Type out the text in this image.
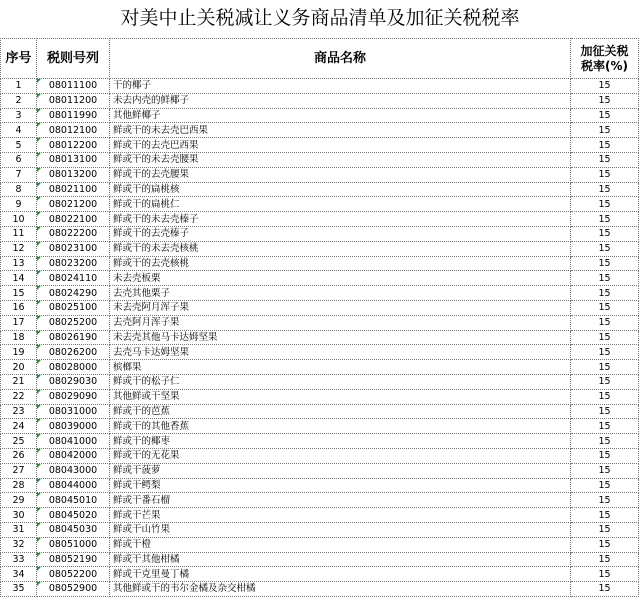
对美中止关税减让义务商品清单及加征关税税率
序号	税则号列	商品名称	加征关税
税率(%)
1	08011100	干的椰子	15
2	08011200	未去内壳的鲜椰子	15
3	08011990	其他鲜椰子	15
4	08012100	鲜或干的未去壳巴西果	15
5	08012200	鲜或干的去壳巴西果	15
6	08013100	鲜或干的未去壳腰果	15
7	08013200	鲜或干的去壳腰果	15
8	08021100	鲜或干的扁桃核	15
9	08021200	鲜或干的扁桃仁	15
10	08022100	鲜或干的未去壳榛子	15
11	08022200	鲜或干的去壳榛子	15
12	08023100	鲜或干的未去壳核桃	15
13	08023200	鲜或干的去壳核桃	15
14	08024110	未去壳板栗	15
15	08024290	去壳其他栗子	15
16	08025100	未去壳阿月浑子果	15
17	08025200	去壳阿月浑子果	15
18	08026190	未去壳其他马卡达姆坚果	15
19	08026200	去壳马卡达姆坚果	15
20	08028000	槟榔果	15
21	08029030	鲜或干的松子仁	15
22	08029090	其他鲜或干坚果	15
23	08031000	鲜或干的芭蕉	15
24	08039000	鲜或干的其他香蕉	15
25	08041000	鲜或干的椰枣	15
26	08042000	鲜或干的无花果	15
27	08043000	鲜或干菠萝	15
28	08044000	鲜或干鳄梨	15
29	08045010	鲜或干番石榴	15
30	08045020	鲜或干芒果	15
31	08045030	鲜或干山竹果	15
32	08051000	鲜或干橙	15
33	08052190	鲜或干其他柑橘	15
34	08052200	鲜或干克里曼丁橘	15
35	08052900	其他鲜或干的韦尔金橘及杂交柑橘	15
